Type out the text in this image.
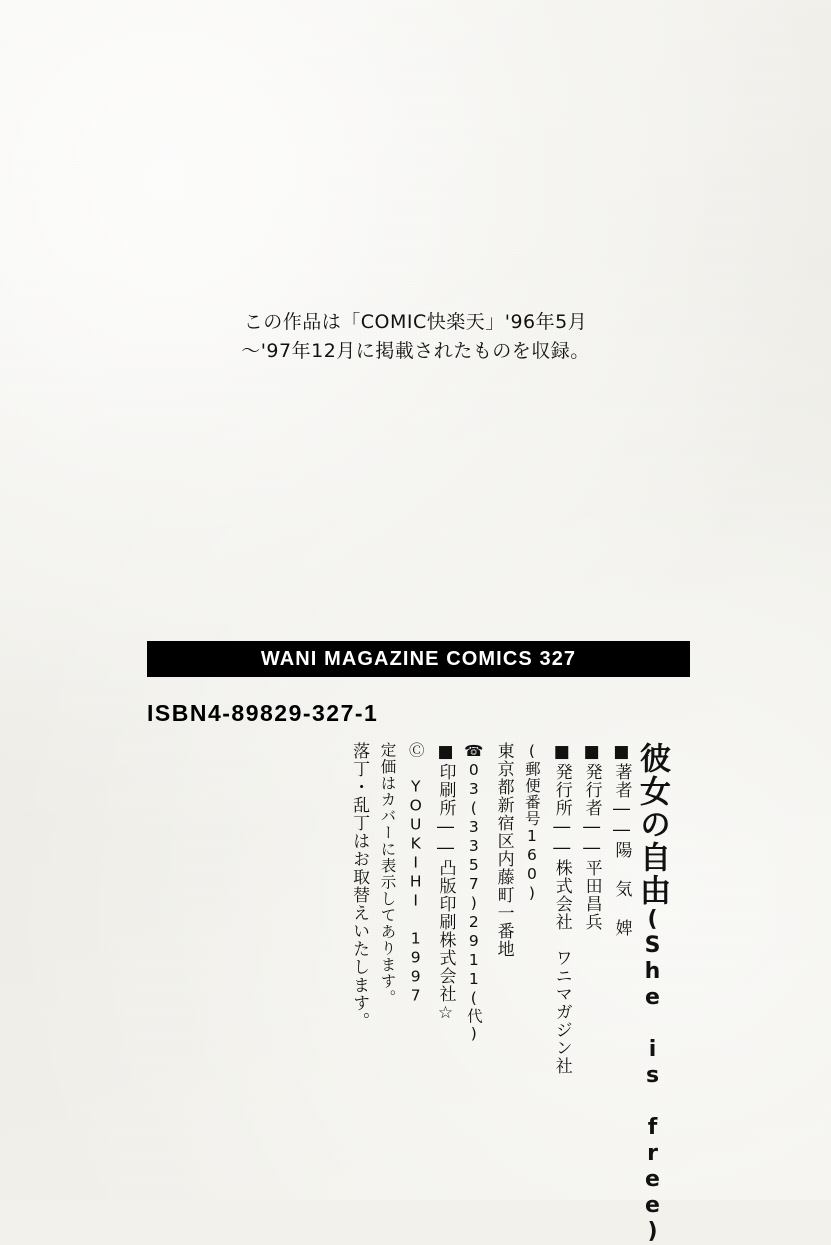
この作品は「COMIC快楽天」'96年5月
〜'97年12月に掲載されたものを収録。
WANI MAGAZINE COMICS 327
ISBN4-89829-327-1
彼女の自由(She is free)
■著者――陽 気 婢
■発行者――平田昌兵
■発行所――株式会社　ワニマガジン社
(郵便番号160)
東京都新宿区内藤町一番地
☎03(3357)2911(代)
■印刷所――凸版印刷株式会社☆
Ⓒ YOUKIHI 1997
定価はカバーに表示してあります。
落丁・乱丁はお取替えいたします。
